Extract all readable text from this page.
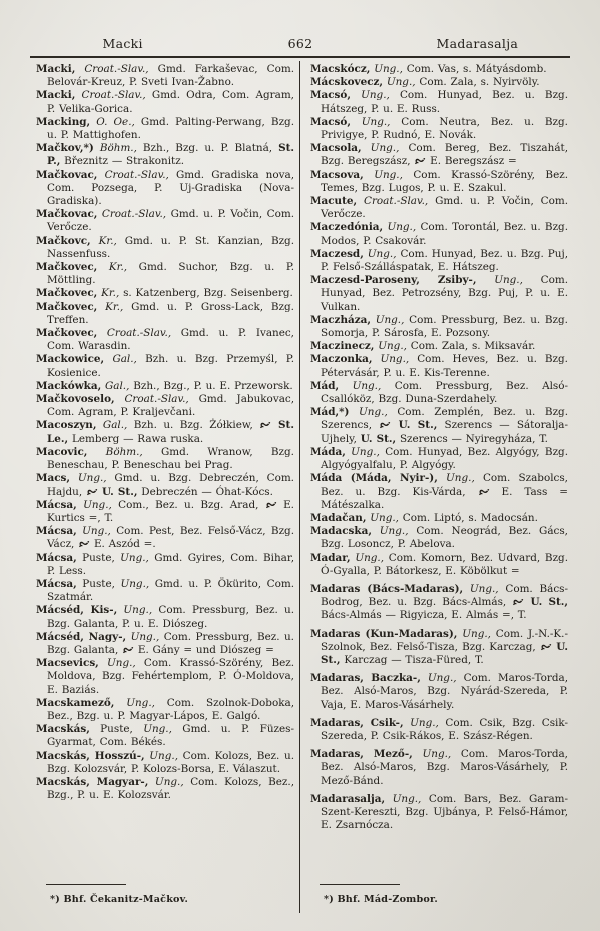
Macki	662	Madarasalja

Macki, Croat.-Slav., Gmd. Farkaševac, Com. Belovár-Kreuz, P. Sveti Ivan-Žabno.

Macki, Croat.-Slav., Gmd. Odra, Com. Agram, P. Velika-Gorica.

Macking, O. Oe., Gmd. Palting-Perwang, Bzg. u. P. Mattighofen.

Mačkov,*) Böhm., Bzh., Bzg. u. P. Blatná, St. P., Březnitz — Strakonitz.

Mačkovac, Croat.-Slav., Gmd. Gradiska nova, Com. Pozsega, P. Uj-Gradiska (Nova-Gradiska).

Mačkovac, Croat.-Slav., Gmd. u. P. Vočin, Com. Verőcze.

Mačkovc, Kr., Gmd. u. P. St. Kanzian, Bzg. Nassenfuss.

Mačkovec, Kr., Gmd. Suchor, Bzg. u. P. Möttling.

Mačkovec, Kr., s. Katzenberg, Bzg. Seisenberg.

Mačkovec, Kr., Gmd. u. P. Gross-Lack, Bzg. Treffen.

Mačkovec, Croat.-Slav., Gmd. u. P. Ivanec, Com. Warasdin.

Mackowice, Gal., Bzh. u. Bzg. Przemyśl, P. Kosienice.

Mackówka, Gal., Bzh., Bzg., P. u. E. Przeworsk.

Mačkovoselo, Croat.-Slav., Gmd. Jabukovac, Com. Agram, P. Kraljevčani.

Macoszyn, Gal., Bzh. u. Bzg. Żółkiew,  St. Le., Lemberg — Rawa ruska.

Macovic, Böhm., Gmd. Wranow, Bzg. Beneschau, P. Beneschau bei Prag.

Macs, Ung., Gmd. u. Bzg. Debreczén, Com. Hajdu,  U. St., Debreczén — Óhat-Kócs.

Mácsa, Ung., Com., Bez. u. Bzg. Arad,  E. Kurtics =, T.

Mácsa, Ung., Com. Pest, Bez. Felső-Vácz, Bzg. Vácz,  E. Aszód =.

Mácsa, Puste, Ung., Gmd. Gyires, Com. Bihar, P. Less.

Mácsa, Puste, Ung., Gmd. u. P. Ökürito, Com. Szatmár.

Mácséd, Kis-, Ung., Com. Pressburg, Bez. u. Bzg. Galanta, P. u. E. Diószeg.

Mácséd, Nagy-, Ung., Com. Pressburg, Bez. u. Bzg. Galanta,  E. Gány = und Diószeg =

Macsevics, Ung., Com. Krassó-Szörény, Bez. Moldova, Bzg. Fehértemplom, P. Ó-Moldova, E. Baziás.

Macskamező, Ung., Com. Szolnok-Doboka, Bez., Bzg. u. P. Magyar-Lápos, E. Galgó.

Macskás, Puste, Ung., Gmd. u. P. Füzes-Gyarmat, Com. Békés.

Macskás, Hosszú-, Ung., Com. Kolozs, Bez. u. Bzg. Kolozsvár, P. Kolozs-Borsa, E. Válaszut.

Macskás, Magyar-, Ung., Com. Kolozs, Bez., Bzg., P. u. E. Kolozsvár.

*) Bhf. Čekanitz-Mačkov.

Macskócz, Ung., Com. Vas, s. Mátyásdomb.

Mácskovecz, Ung., Com. Zala, s. Nyirvöly.

Macsó, Ung., Com. Hunyad, Bez. u. Bzg. Hátszeg, P. u. E. Russ.

Macsó, Ung., Com. Neutra, Bez. u. Bzg. Privigye, P. Rudnó, E. Novák.

Macsola, Ung., Com. Bereg, Bez. Tiszahát, Bzg. Beregszász,  E. Beregszász =

Macsova, Ung., Com. Krassó-Szörény, Bez. Temes, Bzg. Lugos, P. u. E. Szakul.

Macute, Croat.-Slav., Gmd. u. P. Vočin, Com. Verőcze.

Maczedónia, Ung., Com. Torontál, Bez. u. Bzg. Modos, P. Csakovár.

Maczesd, Ung., Com. Hunyad, Bez. u. Bzg. Puj, P. Felső-Szálláspatak, E. Hátszeg.

Maczesd-Paroseny, Zsiby-, Ung., Com. Hunyad, Bez. Petrozsény, Bzg. Puj, P. u. E. Vulkan.

Maczháza, Ung., Com. Pressburg, Bez. u. Bzg. Somorja, P. Sárosfa, E. Pozsony.

Maczinecz, Ung., Com. Zala, s. Miksavár.

Maczonka, Ung., Com. Heves, Bez. u. Bzg. Pétervásár, P. u. E. Kis-Terenne.

Mád, Ung., Com. Pressburg, Bez. Alsó-Csallóköz, Bzg. Duna-Szerdahely.

Mád,*) Ung., Com. Zemplén, Bez. u. Bzg. Szerencs,  U. St., Szerencs — Sátoralja-Ujhely, U. St., Szerencs — Nyiregyháza, T.

Máda, Ung., Com. Hunyad, Bez. Algyógy, Bzg. Algyógyalfalu, P. Algyógy.

Máda (Máda, Nyir-), Ung., Com. Szabolcs, Bez. u. Bzg. Kis-Várda,  E. Tass = Mátészalka.

Madačan, Ung., Com. Liptó, s. Madocsán.

Madacska, Ung., Com. Neográd, Bez. Gács, Bzg. Losoncz, P. Abelova.

Madar, Ung., Com. Komorn, Bez. Udvard, Bzg. Ó-Gyalla, P. Bátorkesz, E. Köbölkut =

Madaras (Bács-Madaras), Ung., Com. Bács-Bodrog, Bez. u. Bzg. Bács-Almás,  U. St., Bács-Almás — Rigyicza, E. Almás =, T.

Madaras (Kun-Madaras), Ung., Com. J.-N.-K.-Szolnok, Bez. Felső-Tisza, Bzg. Karczag,  U. St., Karczag — Tisza-Füred, T.

Madaras, Baczka-, Ung., Com. Maros-Torda, Bez. Alsó-Maros, Bzg. Nyárád-Szereda, P. Vaja, E. Maros-Vásárhely.

Madaras, Csik-, Ung., Com. Csik, Bzg. Csik-Szereda, P. Csik-Rákos, E. Szász-Régen.

Madaras, Mező-, Ung., Com. Maros-Torda, Bez. Alsó-Maros, Bzg. Maros-Vásárhely, P. Mező-Bánd.

Madarasalja, Ung., Com. Bars, Bez. Garam-Szent-Kereszti, Bzg. Ujbánya, P. Felső-Hámor, E. Zsarnócza.

*) Bhf. Mád-Zombor.
